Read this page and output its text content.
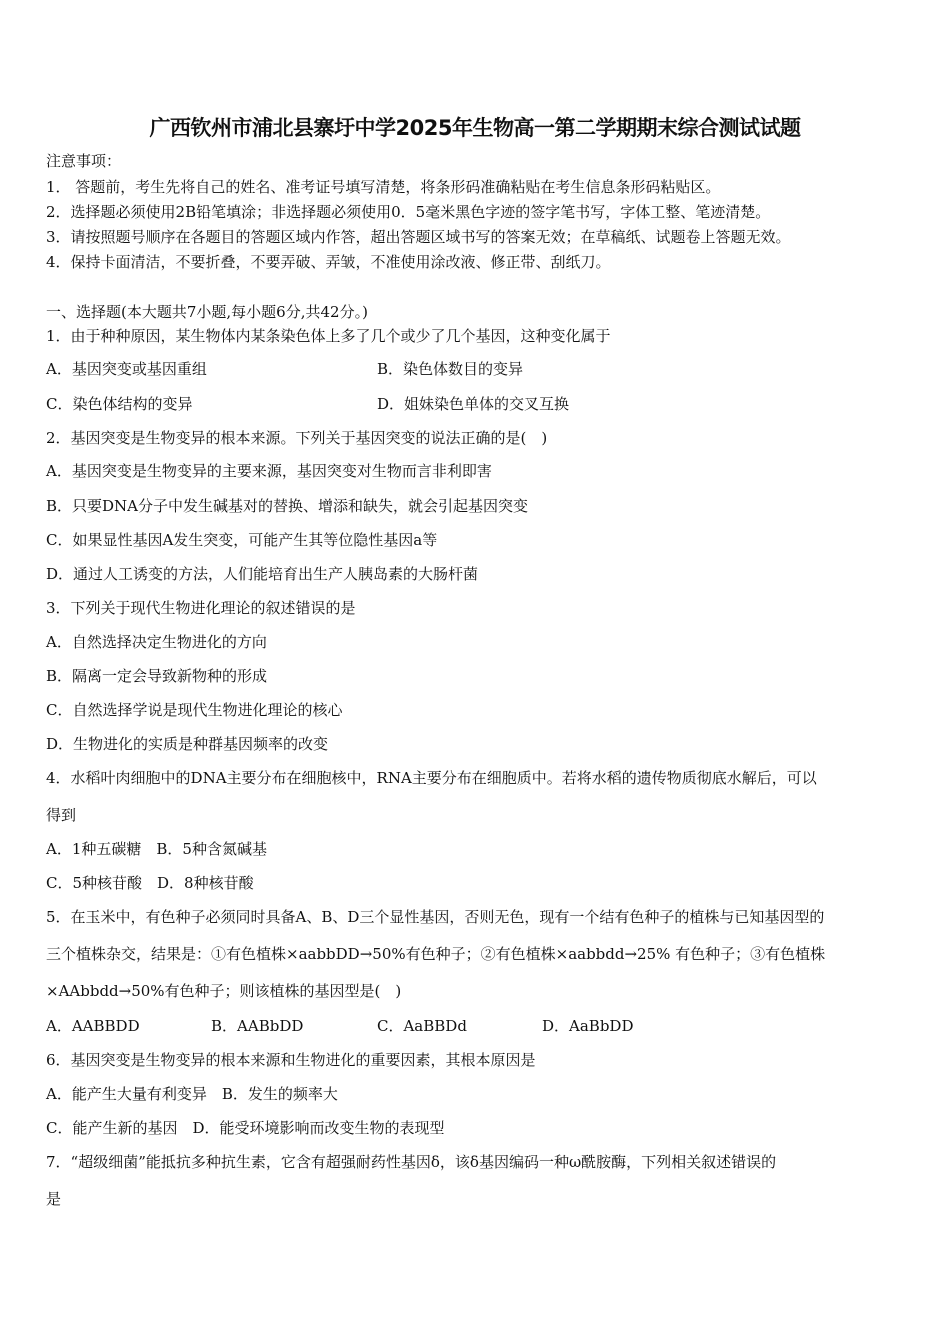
广西钦州市浦北县寨圩中学2025年生物高一第二学期期末综合测试试题
注意事项：
1． 答题前，考生先将自己的姓名、准考证号填写清楚，将条形码准确粘贴在考生信息条形码粘贴区。
2．选择题必须使用2B铅笔填涂；非选择题必须使用0．5毫米黑色字迹的签字笔书写，字体工整、笔迹清楚。
3．请按照题号顺序在各题目的答题区域内作答，超出答题区域书写的答案无效；在草稿纸、试题卷上答题无效。
4．保持卡面清洁，不要折叠，不要弄破、弄皱，不准使用涂改液、修正带、刮纸刀。
一、选择题(本大题共7小题,每小题6分,共42分。)
1．由于种种原因，某生物体内某条染色体上多了几个或少了几个基因，这种变化属于
A．基因突变或基因重组	B．染色体数目的变异
C．染色体结构的变异	D．姐妹染色单体的交叉互换
2．基因突变是生物变异的根本来源。下列关于基因突变的说法正确的是(　)
A．基因突变是生物变异的主要来源，基因突变对生物而言非利即害
B．只要DNA分子中发生碱基对的替换、增添和缺失，就会引起基因突变
C．如果显性基因A发生突变，可能产生其等位隐性基因a等
D．通过人工诱变的方法，人们能培育出生产人胰岛素的大肠杆菌
3．下列关于现代生物进化理论的叙述错误的是
A．自然选择决定生物进化的方向
B．隔离一定会导致新物种的形成
C．自然选择学说是现代生物进化理论的核心
D．生物进化的实质是种群基因频率的改变
4．水稻叶肉细胞中的DNA主要分布在细胞核中，RNA主要分布在细胞质中。若将水稻的遗传物质彻底水解后，可以
得到
A．1种五碳糖　B．5种含氮碱基
C．5种核苷酸　D．8种核苷酸
5．在玉米中，有色种子必须同时具备A、B、D三个显性基因，否则无色，现有一个结有色种子的植株与已知基因型的
三个植株杂交，结果是：①有色植株×aabbDD→50%有色种子；②有色植株×aabbdd→25% 有色种子；③有色植株
×AAbbdd→50%有色种子；则该植株的基因型是(　)
A．AABBDD	B．AABbDD	C．AaBBDd	D．AaBbDD
6．基因突变是生物变异的根本来源和生物进化的重要因素，其根本原因是
A．能产生大量有利变异　B．发生的频率大
C．能产生新的基因　D．能受环境影响而改变生物的表现型
7．“超级细菌”能抵抗多种抗生素，它含有超强耐药性基因δ，该δ基因编码一种ω酰胺酶，下列相关叙述错误的
是
